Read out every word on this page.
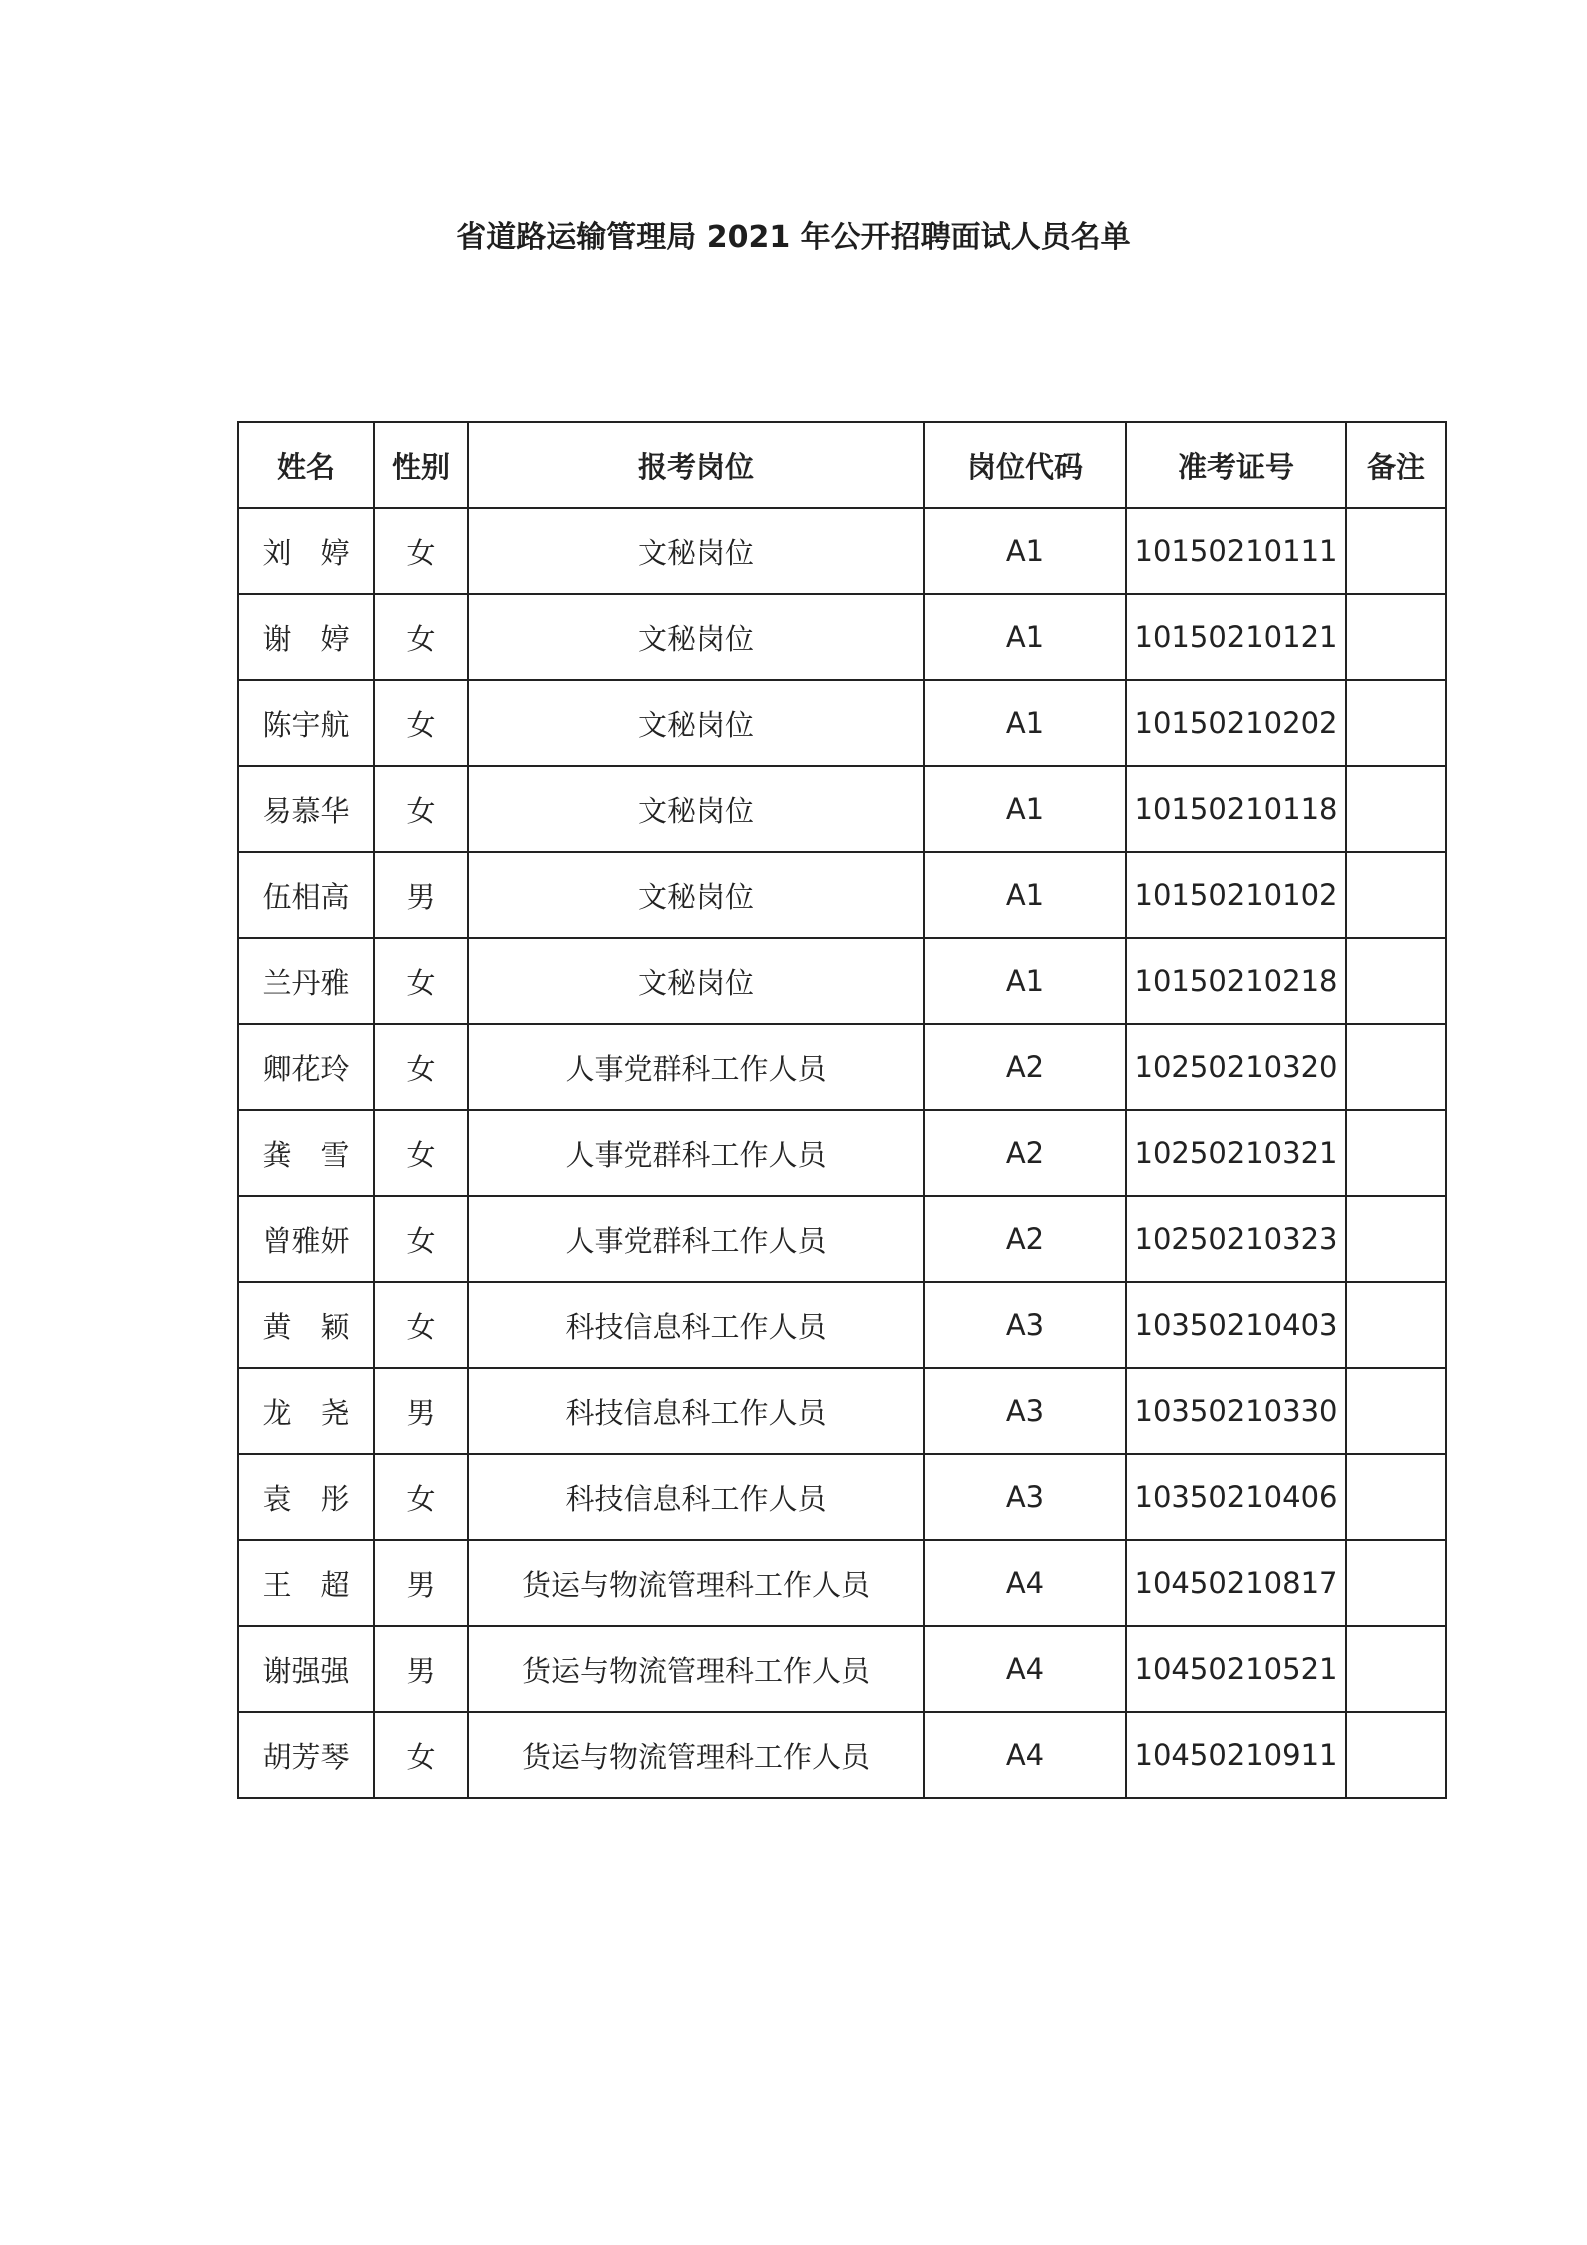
省道路运输管理局 2021 年公开招聘面试人员名单
姓名	性别	报考岗位	岗位代码	准考证号	备注
刘　婷	女	文秘岗位	A1	10150210111	
谢　婷	女	文秘岗位	A1	10150210121	
陈宇航	女	文秘岗位	A1	10150210202	
易慕华	女	文秘岗位	A1	10150210118	
伍相高	男	文秘岗位	A1	10150210102	
兰丹雅	女	文秘岗位	A1	10150210218	
卿花玲	女	人事党群科工作人员	A2	10250210320	
龚　雪	女	人事党群科工作人员	A2	10250210321	
曾雅妍	女	人事党群科工作人员	A2	10250210323	
黄　颖	女	科技信息科工作人员	A3	10350210403	
龙　尧	男	科技信息科工作人员	A3	10350210330	
袁　彤	女	科技信息科工作人员	A3	10350210406	
王　超	男	货运与物流管理科工作人员	A4	10450210817	
谢强强	男	货运与物流管理科工作人员	A4	10450210521	
胡芳琴	女	货运与物流管理科工作人员	A4	10450210911	
